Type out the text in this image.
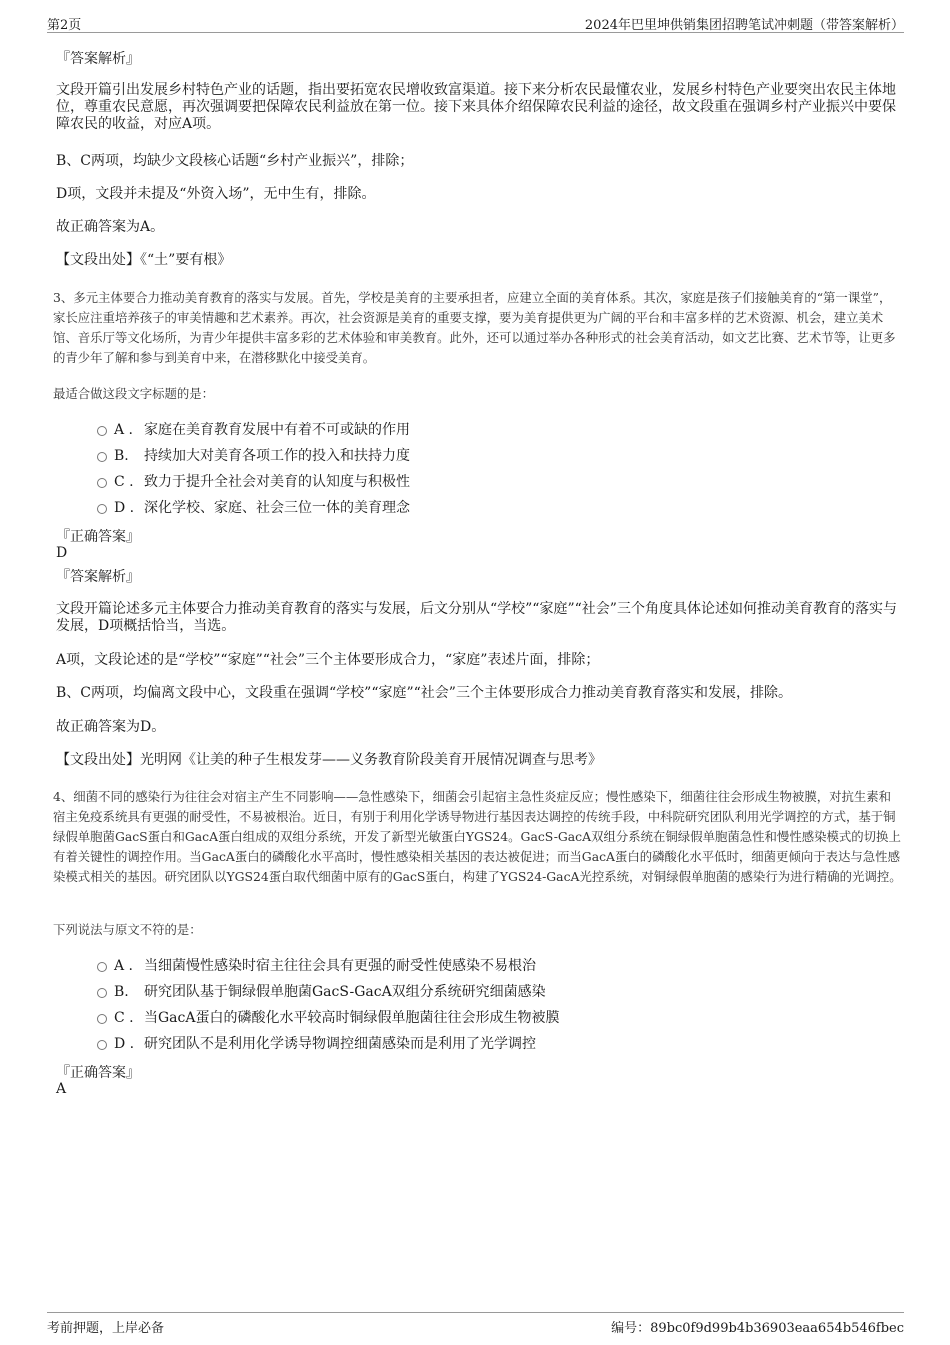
第2页	2024年巴里坤供销集团招聘笔试冲刺题（带答案解析）

『答案解析』

文段开篇引出发展乡村特色产业的话题，指出要拓宽农民增收致富渠道。接下来分析农民最懂农业，发展乡村特色产业要突出农民主体地位，尊重农民意愿，再次强调要把保障农民利益放在第一位。接下来具体介绍保障农民利益的途径，故文段重在强调乡村产业振兴中要保障农民的收益，对应A项。

B、C两项，均缺少文段核心话题“乡村产业振兴”，排除；

D项，文段并未提及“外资入场”，无中生有，排除。

故正确答案为A。

【文段出处】《“土”要有根》

3、多元主体要合力推动美育教育的落实与发展。首先，学校是美育的主要承担者，应建立全面的美育体系。其次，家庭是孩子们接触美育的“第一课堂”，家长应注重培养孩子的审美情趣和艺术素养。再次，社会资源是美育的重要支撑，要为美育提供更为广阔的平台和丰富多样的艺术资源、机会，建立美术馆、音乐厅等文化场所，为青少年提供丰富多彩的艺术体验和审美教育。此外，还可以通过举办各种形式的社会美育活动，如文艺比赛、艺术节等，让更多的青少年了解和参与到美育中来，在潜移默化中接受美育。

最适合做这段文字标题的是：

A . 家庭在美育教育发展中有着不可或缺的作用
B. 持续加大对美育各项工作的投入和扶持力度
C . 致力于提升全社会对美育的认知度与积极性
D . 深化学校、家庭、社会三位一体的美育理念

『正确答案』

D

『答案解析』

文段开篇论述多元主体要合力推动美育教育的落实与发展，后文分别从“学校”“家庭”“社会”三个角度具体论述如何推动美育教育的落实与发展，D项概括恰当，当选。

A项，文段论述的是“学校”“家庭”“社会”三个主体要形成合力，“家庭”表述片面，排除；

B、C两项，均偏离文段中心，文段重在强调“学校”“家庭”“社会”三个主体要形成合力推动美育教育落实和发展，排除。

故正确答案为D。

【文段出处】光明网《让美的种子生根发芽——义务教育阶段美育开展情况调查与思考》

4、细菌不同的感染行为往往会对宿主产生不同影响——急性感染下，细菌会引起宿主急性炎症反应；慢性感染下，细菌往往会形成生物被膜，对抗生素和宿主免疫系统具有更强的耐受性，不易被根治。近日，有别于利用化学诱导物进行基因表达调控的传统手段，中科院研究团队利用光学调控的方式，基于铜绿假单胞菌GacS蛋白和GacA蛋白组成的双组分系统，开发了新型光敏蛋白YGS24。GacS-GacA双组分系统在铜绿假单胞菌急性和慢性感染模式的切换上有着关键性的调控作用。当GacA蛋白的磷酸化水平高时，慢性感染相关基因的表达被促进；而当GacA蛋白的磷酸化水平低时，细菌更倾向于表达与急性感染模式相关的基因。研究团队以YGS24蛋白取代细菌中原有的GacS蛋白，构建了YGS24-GacA光控系统，对铜绿假单胞菌的感染行为进行精确的光调控。

下列说法与原文不符的是：

A . 当细菌慢性感染时宿主往往会具有更强的耐受性使感染不易根治
B. 研究团队基于铜绿假单胞菌GacS-GacA双组分系统研究细菌感染
C . 当GacA蛋白的磷酸化水平较高时铜绿假单胞菌往往会形成生物被膜
D . 研究团队不是利用化学诱导物调控细菌感染而是利用了光学调控

『正确答案』

A

考前押题，上岸必备	编号：89bc0f9d99b4b36903eaa654b546fbec
